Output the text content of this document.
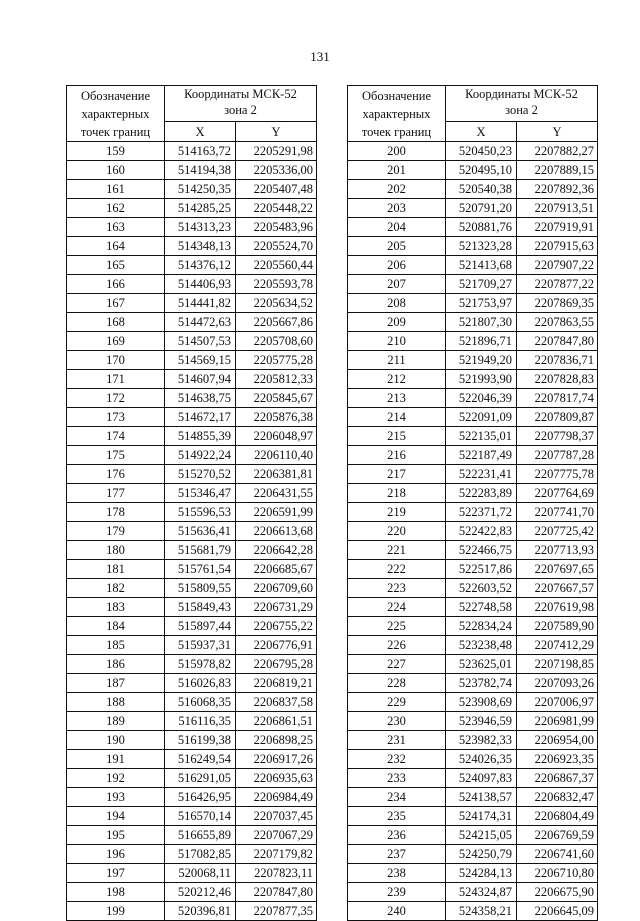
131
Обозначение
характерных
точек границ	Координаты МСК-52
зона 2	

	X	Y
159	514163,72	2205291,98
160	514194,38	2205336,00
161	514250,35	2205407,48
162	514285,25	2205448,22
163	514313,23	2205483,96
164	514348,13	2205524,70
165	514376,12	2205560,44
166	514406,93	2205593,78
167	514441,82	2205634,52
168	514472,63	2205667,86
169	514507,53	2205708,60
170	514569,15	2205775,28
171	514607,94	2205812,33
172	514638,75	2205845,67
173	514672,17	2205876,38
174	514855,39	2206048,97
175	514922,24	2206110,40
176	515270,52	2206381,81
177	515346,47	2206431,55
178	515596,53	2206591,99
179	515636,41	2206613,68
180	515681,79	2206642,28
181	515761,54	2206685,67
182	515809,55	2206709,60
183	515849,43	2206731,29
184	515897,44	2206755,22
185	515937,31	2206776,91
186	515978,82	2206795,28
187	516026,83	2206819,21
188	516068,35	2206837,58
189	516116,35	2206861,51
190	516199,38	2206898,25
191	516249,54	2206917,26
192	516291,05	2206935,63
193	516426,95	2206984,49
194	516570,14	2207037,45
195	516655,89	2207067,29
196	517082,85	2207179,82
197	520068,11	2207823,11
198	520212,46	2207847,80
199	520396,81	2207877,35
Обозначение
характерных
точек границ	Координаты МСК-52
зона 2	

	X	Y
200	520450,23	2207882,27
201	520495,10	2207889,15
202	520540,38	2207892,36
203	520791,20	2207913,51
204	520881,76	2207919,91
205	521323,28	2207915,63
206	521413,68	2207907,22
207	521709,27	2207877,22
208	521753,97	2207869,35
209	521807,30	2207863,55
210	521896,71	2207847,80
211	521949,20	2207836,71
212	521993,90	2207828,83
213	522046,39	2207817,74
214	522091,09	2207809,87
215	522135,01	2207798,37
216	522187,49	2207787,28
217	522231,41	2207775,78
218	522283,89	2207764,69
219	522371,72	2207741,70
220	522422,83	2207725,42
221	522466,75	2207713,93
222	522517,86	2207697,65
223	522603,52	2207667,57
224	522748,58	2207619,98
225	522834,24	2207589,90
226	523238,48	2207412,29
227	523625,01	2207198,85
228	523782,74	2207093,26
229	523908,69	2207006,97
230	523946,59	2206981,99
231	523982,33	2206954,00
232	524026,35	2206923,35
233	524097,83	2206867,37
234	524138,57	2206832,47
235	524174,31	2206804,49
236	524215,05	2206769,59
237	524250,79	2206741,60
238	524284,13	2206710,80
239	524324,87	2206675,90
240	524358,21	2206645,09
